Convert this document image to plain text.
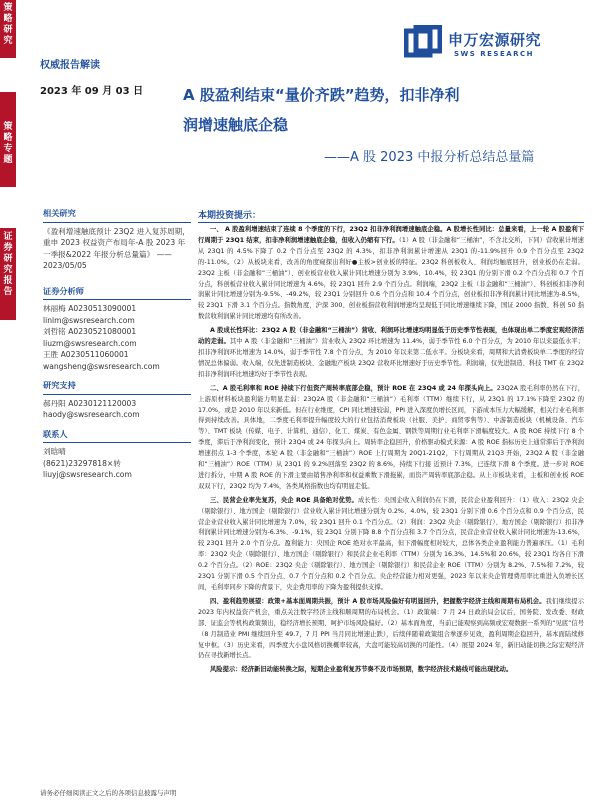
策略研究
策略专题
证券研究报告
权威报告解读
2023 年 09 月 03 日
申万宏源研究
SWS RESEARCH
A 股盈利结束“量价齐跌”趋势，扣非净利
润增速触底企稳
——A 股 2023 中报分析总结总量篇
相关研究
《盈利增速触底预计 23Q2 进入复苏周期，重申 2023 权益资产布局年-A 股 2023 年一季报&2022 年报分析总量篇》 ——2023/05/05
证券分析师
林丽梅 A0230513090001
linlm@swsresearch.com
刘哲铭 A0230521080001
liuzm@swsresearch.com
王胜 A0230511060001
wangsheng@swsresearch.com
研究支持
郝丹阳 A0230121120003
haody@swsresearch.com
联系人
刘晗晴
(8621)23297818×转
liuyj@swsresearch.com
本期投资提示：
一、 A 股盈利增速结束了连续 8 个季度的下行，23Q2 扣非净利润增速触底企稳。A 股增长性同比：总量来看，上一轮 A 股盈利下行周期于 23Q1 结束，扣非净利润增速触底企稳，但收入仍缩有下行。（1）A 股（非金融和“三桶油”，不含北交所，下同）营收累计增速从 23Q1 的 4.5%下降了 0.2 个百分点至 23Q2 的 4.3%，扣非净利润累计增速从 23Q1 的-11.9%回升 0.9 个百分点至 23Q2 的-11.0%。（2）从板块来看，改善的角度窥探出利好●主板>创业板的特征。23Q2 科创板收入、利润均触底回升，创业板仍在走弱。23Q2 主板（非金融和“三桶油”）、创业板营业收入累计同比增速分别为 3.9%、10.4%，较 23Q1 的分别下滑 0.2 个百分点和 0.7 个百分点，科创板营业收入累计同比增速为 4.6%，较 23Q1 回升 2.9 个百分点。利润端，23Q2 主板（非金融和“三桶油”）、科创板扣非净利润累计同比增速分别为-9.5%、-49.2%，较 23Q1 分别回升 0.6 个百分点和 10.4 个百分点，创业板扣非净利润累计同比增速为-8.5%，较 23Q1 下滑 3.1 个百分点。指数角度，沪深 300、创业板指营收利润增速均呈现低于同比增速继续下降，国证 2000 指数、科创 50 指数营收利润累计同比增速均有所改善。
A 股成长性环比：23Q2 A 股（非金融和“三桶油”）营收、利润环比增速均明显低于历史季节性表现，也体现出单二季度宏观经济活动的走弱。其中 A 股（非金融和“三桶油”）营业收入 23Q2 环比增速为 11.4%，弱于季节性 6.0 个百分点，为 2010 年以来最低水平；扣非净利润环比增速为 14.0%，弱于季节性 7.8 个百分点，为 2010 年以来第二低水平。分板块来看，周期和大消费板块单二季度的经营情况总体偏弱。收入端，仅先进制造板块、金融地产板块 23Q2 营收环比增速好于历史季节性。利润端，仅先进制造、科技 TMT 在 23Q2 扣非净利润环比增速均好于季节性表现。
二、A 股毛利率和 ROE 持续下行但资产周转率底部企稳，预计 ROE 在 23Q4 或 24 年探头向上。23Q2A 股毛利率仍然在下行，上游原材料板块盈利能力明显走弱：23Q2A 股（非金融和“三桶油”）毛利率（TTM）继续下行，从 23Q1 的 17.1%下降至 23Q2 的 17.0%，或是 2010 年以来新低。但在行业维度，CPI 同比增速较弱，PPI 进入深度负增长区间，下游成本压力大幅缓解，相关行业毛利率得到持续改善。具体地，二季度毛利率提升幅度较大的行业包括消费板块（社服、美护、商贸零售等）、中游制造板块（机械设备、汽车等）、TMT 板块（传媒、电子、计算机、通信）、化工、煤炭、有色金属、钢铁等周期行业毛利率下滑幅度较大。A 股 ROE 持续下行 8 个季度，滞后于净利润变化，预计 23Q4 或 24 年探头向上。周转率企稳回升，价格驱动模式来源：A 股 ROE 指标历史上通常滞后于净利润增速拐点 1-3 个季度，本轮 A 股（非金融和“三桶油”）ROE 上行周期为 20Q1-21Q2，下行周期从 21Q3 开始，23Q2 A 股（非金融和“三桶油”）ROE（TTM）从 23Q1 的 9.2%回落至 23Q2 的 8.6%，持续下行接 近预计 7.3%，已连续下滑 8 个季度。进一步对 ROE 进行拆分，中期 A 股 ROE 的下滑主要由销售净利率和权益乘数下滑拖累，而资产周转率底部企稳。从上市板块来看，主板和创业板 ROE 双双下行，23Q2 均为 7.4%，各类风格指数也均有明显走低。
三、民营企业率先复苏，央企 ROE 具备绝对优势。成长性：央国企收入利润仍在下滑，民营企业盈利回升：（1）收入：23Q2 央企（剔除银行）、地方国企（剔除银行）营业收入累计同比增速分别为 0.2%、4.0%，较 23Q1 分别下滑 0.6 个百分点和 0.9 个百分点，民营企业营业收入累计同比增速为 7.0%，较 23Q1 回升 0.1 个百分点。（2）利润：23Q2 央企（剔除银行）、地方国企（剔除银行）扣非净利润累计同比增速分别为-6.3%、-9.1%，较 23Q1 分别下降 8.8 个百分点和 3.7 个百分点，民营企业营业收入累计同比增速为-13.6%，较 23Q1 回升 2.0 个百分点。盈利能力：央国企 ROE 绝对水平最高，但下滑幅度相对较大，总体各类企业盈利能力普遍承压。（1）毛利率：23Q2 央企（剔除银行）、地方国企（剔除银行）和民营企业毛利率（TTM）分别为 16.3%、14.5%和 20.6%，较 23Q1 均各自下滑 0.2 个百分点。（2）ROE：23Q2 央企（剔除银行）、地方国企（剔除银行）和民营企业 ROE（TTM）分别为 8.2%、7.5%和 7.2%，较 23Q1 分别下滑 0.5 个百分点、0.7 个百分点和 0.2 个百分点。央企经营能力相对更强，2023 年以来央企管理费用率比重进入负增长区间，毛利率同步下降的背景下，央企费用率的下降为盈利提供支撑。
四、盈利趋势展望：政策+基本面周期共振，预计 A 股市场风险偏好有明显回升，把握数字经济主线和周期布局机会。我们继续提示 2023 年内权益资产机会，重点关注数字经济主线和顺周期的布局机会。（1）政策端：7 月 24 日政治局会议后，国务院、发改委、财政部、证监会等机构政策频出，稳经济增长预期、呵护市场风险偏好。（2）基本面角度，当前已能观察到高频或宏观数据一系列的“见底”信号（8 月制造业 PMI 继续回升至 49.7，7 月 PPI 当月同比增速止跌），后续伴随着政策组合拳逐步见效，盈利周期企稳回升，基本面陆续修复中枢。（3）历史来看，四季度大小盘风格切换概率较高，大盘可能较高切换的可能性。（4）展望 2024 年，新旧动能切换之际宏观经济仍在寻找新增长点。
风险提示：经济新旧动能转换之际，短期企业盈利复苏节奏不及市场预期，数字经济技术路线可能出现扰动。
请务必仔细阅读正文之后的各项信息披露与声明
